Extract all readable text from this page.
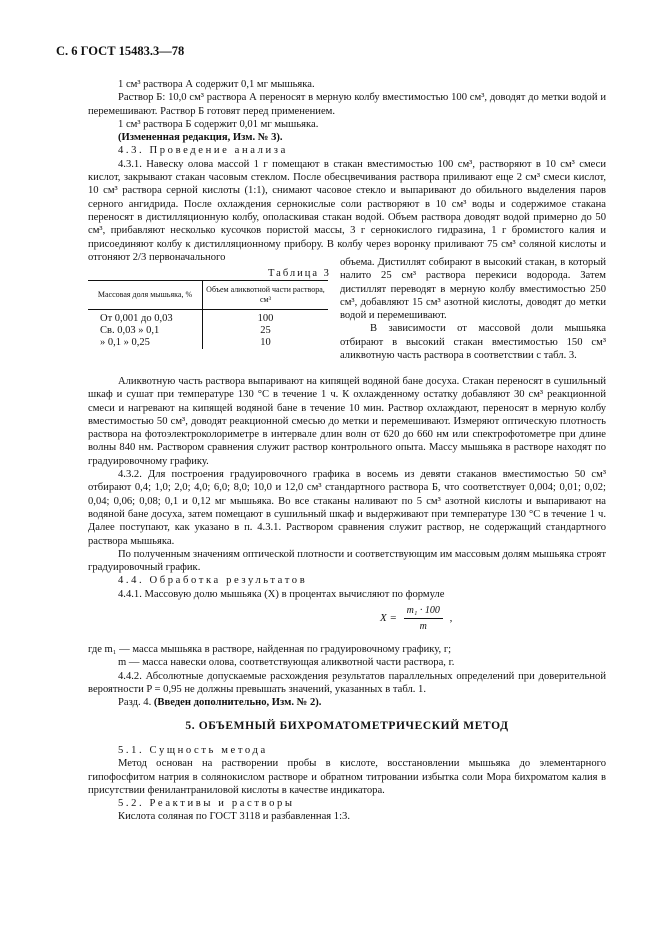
С. 6 ГОСТ 15483.3—78

1 см³ раствора А содержит 0,1 мг мышьяка.

Раствор Б: 10,0 см³ раствора А переносят в мерную колбу вместимостью 100 см³, доводят до метки водой и перемешивают. Раствор Б готовят перед применением.

1 см³ раствора Б содержит 0,01 мг мышьяка.

(Измененная редакция, Изм. № 3).

4.3. Проведение анализа

4.3.1. Навеску олова массой 1 г помещают в стакан вместимостью 100 см³, растворяют в 10 см³ смеси кислот, закрывают стакан часовым стеклом. После обесцвечивания раствора приливают еще 2 см³ смеси кислот, 10 см³ раствора серной кислоты (1:1), снимают часовое стекло и выпаривают до обильного выделения паров серного ангидрида. После охлаждения сернокислые соли растворяют в 10 см³ воды и содержимое стакана переносят в дистилляционную колбу, ополаскивая стакан водой. Объем раствора доводят водой примерно до 50 см³, прибавляют несколько кусочков пористой массы, 3 г сернокислого гидразина, 1 г бромистого калия и присоединяют колбу к дистилляционному прибору. В колбу через воронку приливают 75 см³ соляной кислоты и отгоняют 2/3 первоначального

Таблица 3
Массовая доля мышьяка, %	Объем аликвотной части раствора, см³
От 0,001 до 0,03	100
Св. 0,03 » 0,1	25
» 0,1 » 0,25	10

объема. Дистиллят собирают в высокий стакан, в который налито 25 см³ раствора перекиси водорода. Затем дистиллят переводят в мерную колбу вместимостью 250 см³, добавляют 15 см³ азотной кислоты, доводят до метки водой и перемешивают.

В зависимости от массовой доли мышьяка отбирают в высокий стакан вместимостью 150 см³ аликвотную часть раствора в соответствии с табл. 3.

Аликвотную часть раствора выпаривают на кипящей водяной бане досуха. Стакан переносят в сушильный шкаф и сушат при температуре 130 °C в течение 1 ч. К охлажденному остатку добавляют 30 см³ реакционной смеси и нагревают на кипящей водяной бане в течение 10 мин. Раствор охлаждают, переносят в мерную колбу вместимостью 50 см³, доводят реакционной смесью до метки и перемешивают. Измеряют оптическую плотность раствора на фотоэлектроколориметре в интервале длин волн от 620 до 660 нм или спектрофотометре при длине волны 840 нм. Раствором сравнения служит раствор контрольного опыта. Массу мышьяка в растворе находят по градуировочному графику.

4.3.2. Для построения градуировочного графика в восемь из девяти стаканов вместимостью 50 см³ отбирают 0,4; 1,0; 2,0; 4,0; 6,0; 8,0; 10,0 и 12,0 см³ стандартного раствора Б, что соответствует 0,004; 0,01; 0,02; 0,04; 0,06; 0,08; 0,1 и 0,12 мг мышьяка. Во все стаканы наливают по 5 см³ азотной кислоты и выпаривают на водяной бане досуха, затем помещают в сушильный шкаф и выдерживают при температуре 130 °C в течение 1 ч. Далее поступают, как указано в п. 4.3.1. Раствором сравнения служит раствор, не содержащий стандартного раствора мышьяка.

По полученным значениям оптической плотности и соответствующим им массовым долям мышьяка строят градуировочный график.

4.4. Обработка результатов

4.4.1. Массовую долю мышьяка (X) в процентах вычисляют по формуле

$X = \frac{\text{m₁ · 100}}{m}$ ,

где m₁ — масса мышьяка в растворе, найденная по градуировочному графику, г;

m — масса навески олова, соответствующая аликвотной части раствора, г.

4.4.2. Абсолютные допускаемые расхождения результатов параллельных определений при доверительной вероятности P = 0,95 не должны превышать значений, указанных в табл. 1.

Разд. 4. (Введен дополнительно, Изм. № 2).

5. ОБЪЕМНЫЙ БИХРОМАТОМЕТРИЧЕСКИЙ МЕТОД

5.1. Сущность метода

Метод основан на растворении пробы в кислоте, восстановлении мышьяка до элементарного гипофосфитом натрия в солянокислом растворе и обратном титровании избытка соли Мора бихроматом калия в присутствии фенилантраниловой кислоты в качестве индикатора.

5.2. Реактивы и растворы

Кислота соляная по ГОСТ 3118 и разбавленная 1:3.
